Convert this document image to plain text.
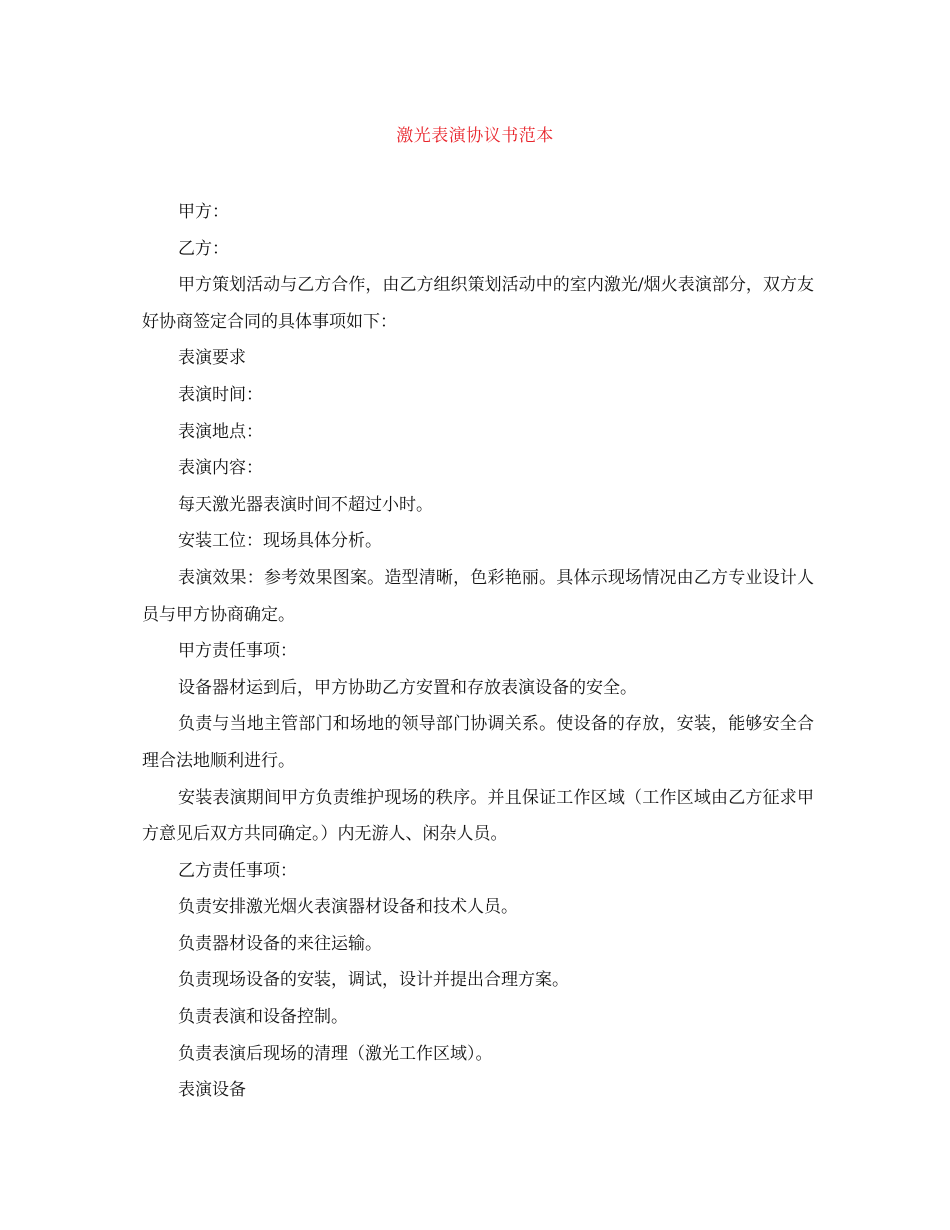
激光表演协议书范本

甲方：

乙方：

甲方策划活动与乙方合作，由乙方组织策划活动中的室内激光/烟火表演部分，双方友好协商签定合同的具体事项如下：

表演要求

表演时间：

表演地点：

表演内容：

每天激光器表演时间不超过小时。

安装工位：现场具体分析。

表演效果：参考效果图案。造型清晰，色彩艳丽。具体示现场情况由乙方专业设计人员与甲方协商确定。

甲方责任事项：

设备器材运到后，甲方协助乙方安置和存放表演设备的安全。

负责与当地主管部门和场地的领导部门协调关系。使设备的存放，安装，能够安全合理合法地顺利进行。

安装表演期间甲方负责维护现场的秩序。并且保证工作区域（工作区域由乙方征求甲方意见后双方共同确定。）内无游人、闲杂人员。

乙方责任事项：

负责安排激光烟火表演器材设备和技术人员。

负责器材设备的来往运输。

负责现场设备的安装，调试，设计并提出合理方案。

负责表演和设备控制。

负责表演后现场的清理（激光工作区域）。

表演设备
